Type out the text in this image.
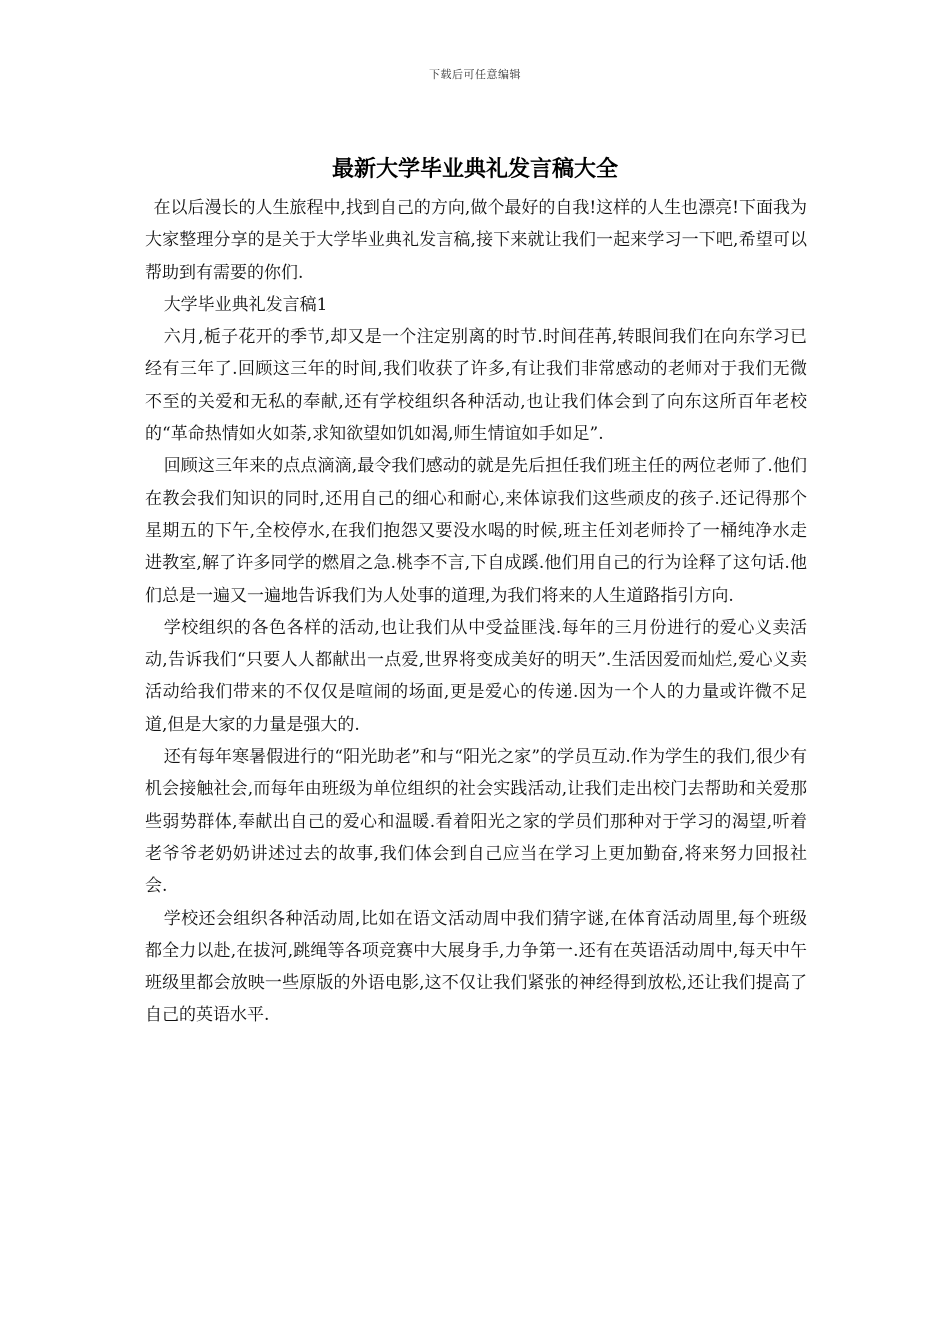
下载后可任意编辑
最新大学毕业典礼发言稿大全

在以后漫长的人生旅程中,找到自己的方向,做个最好的自我!这样的人生也漂亮!下面我为大家整理分享的是关于大学毕业典礼发言稿,接下来就让我们一起来学习一下吧,希望可以帮助到有需要的你们.

大学毕业典礼发言稿1

六月,栀子花开的季节,却又是一个注定别离的时节.时间荏苒,转眼间我们在向东学习已经有三年了.回顾这三年的时间,我们收获了许多,有让我们非常感动的老师对于我们无微不至的关爱和无私的奉献,还有学校组织各种活动,也让我们体会到了向东这所百年老校的“革命热情如火如荼,求知欲望如饥如渴,师生情谊如手如足”.

回顾这三年来的点点滴滴,最令我们感动的就是先后担任我们班主任的两位老师了.他们在教会我们知识的同时,还用自己的细心和耐心,来体谅我们这些顽皮的孩子.还记得那个星期五的下午,全校停水,在我们抱怨又要没水喝的时候,班主任刘老师拎了一桶纯净水走进教室,解了许多同学的燃眉之急.桃李不言,下自成蹊.他们用自己的行为诠释了这句话.他们总是一遍又一遍地告诉我们为人处事的道理,为我们将来的人生道路指引方向.

学校组织的各色各样的活动,也让我们从中受益匪浅.每年的三月份进行的爱心义卖活动,告诉我们“只要人人都献出一点爱,世界将变成美好的明天”.生活因爱而灿烂,爱心义卖活动给我们带来的不仅仅是喧闹的场面,更是爱心的传递.因为一个人的力量或许微不足道,但是大家的力量是强大的.

还有每年寒暑假进行的“阳光助老”和与“阳光之家”的学员互动.作为学生的我们,很少有机会接触社会,而每年由班级为单位组织的社会实践活动,让我们走出校门去帮助和关爱那些弱势群体,奉献出自己的爱心和温暖.看着阳光之家的学员们那种对于学习的渴望,听着老爷爷老奶奶讲述过去的故事,我们体会到自己应当在学习上更加勤奋,将来努力回报社会.

学校还会组织各种活动周,比如在语文活动周中我们猜字谜,在体育活动周里,每个班级都全力以赴,在拔河,跳绳等各项竞赛中大展身手,力争第一.还有在英语活动周中,每天中午班级里都会放映一些原版的外语电影,这不仅让我们紧张的神经得到放松,还让我们提高了自己的英语水平.
